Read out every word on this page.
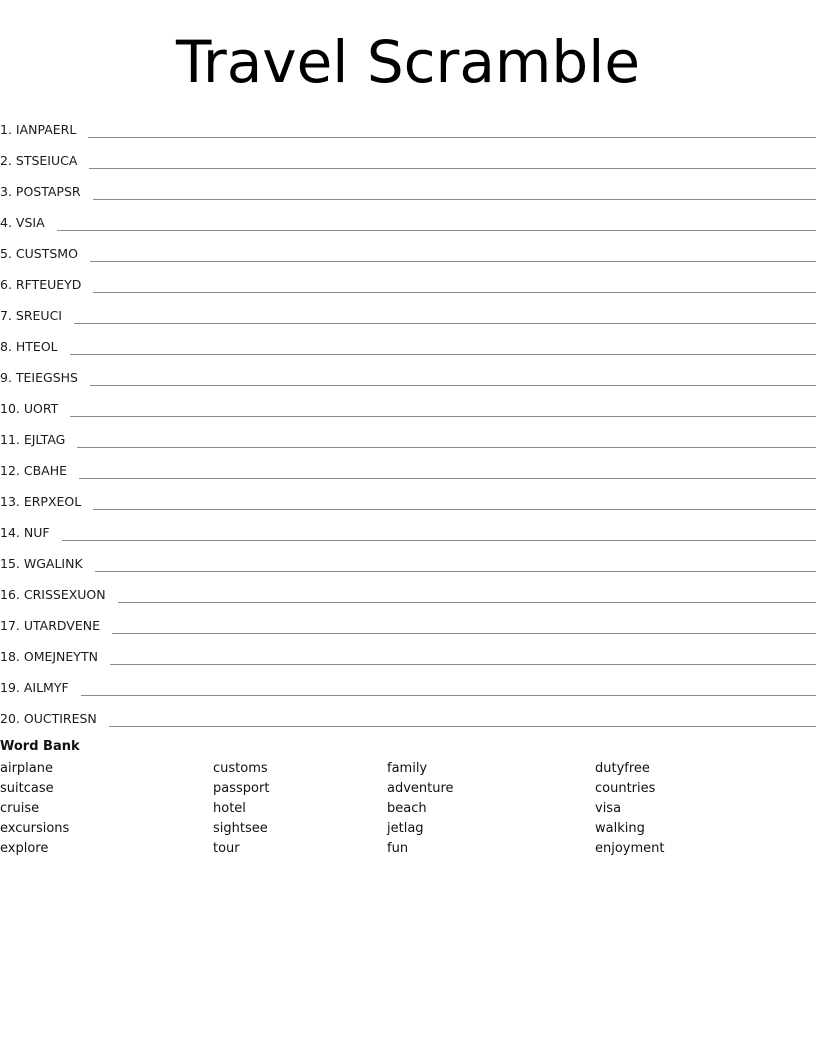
Travel Scramble
1. IANPAERL
2. STSEIUCA
3. POSTAPSR
4. VSIA
5. CUSTSMO
6. RFTEUEYD
7. SREUCI
8. HTEOL
9. TEIEGSHS
10. UORT
11. EJLTAG
12. CBAHE
13. ERPXEOL
14. NUF
15. WGALINK
16. CRISSEXUON
17. UTARDVENE
18. OMEJNEYTN
19. AILMYF
20. OUCTIRESN
Word Bank
airplane	customs	family	dutyfree
suitcase	passport	adventure	countries
cruise	hotel	beach	visa
excursions	sightsee	jetlag	walking
explore	tour	fun	enjoyment
